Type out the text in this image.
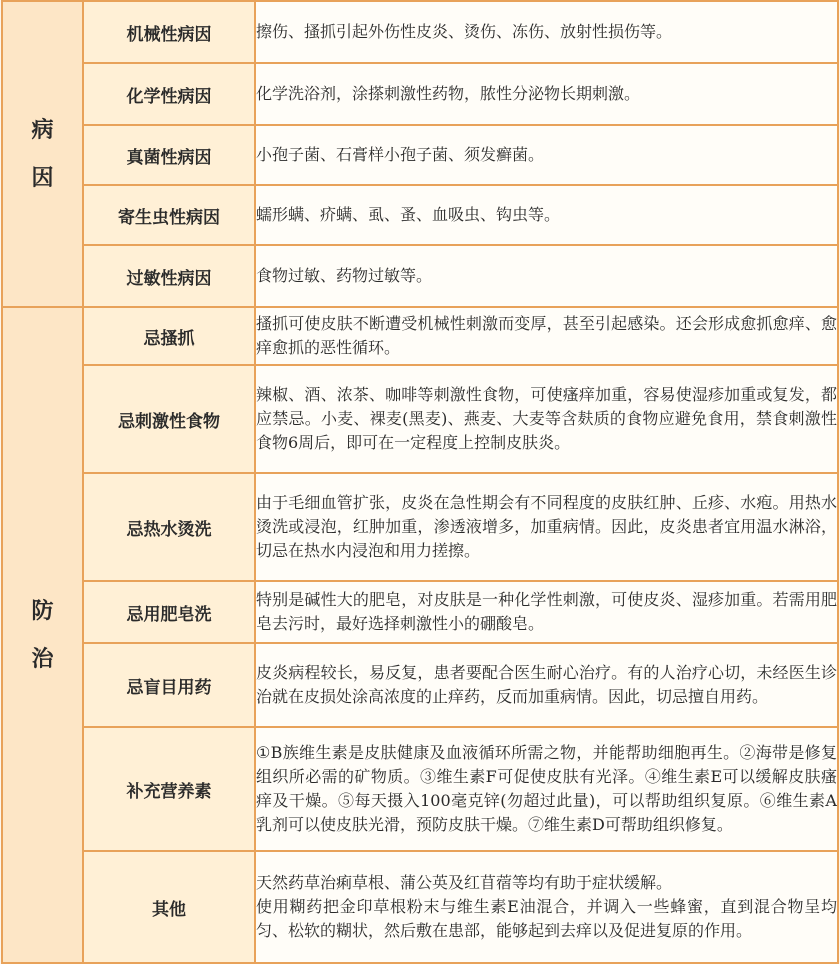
病
因	机械性病因	擦伤、搔抓引起外伤性皮炎、烫伤、冻伤、放射性损伤等。
	化学性病因	化学洗浴剂，涂搽刺激性药物，脓性分泌物长期刺激。
	真菌性病因	小孢子菌、石膏样小孢子菌、须发癣菌。
	寄生虫性病因	蠕形螨、疥螨、虱、蚤、血吸虫、钩虫等。
	过敏性病因	食物过敏、药物过敏等。

防
治	忌搔抓	搔抓可使皮肤不断遭受机械性刺激而变厚，甚至引起感染。还会形成愈抓愈痒、愈痒愈抓的恶性循环。
	忌刺激性食物	辣椒、酒、浓茶、咖啡等刺激性食物，可使瘙痒加重，容易使湿疹加重或复发，都应禁忌。小麦、裸麦(黑麦)、燕麦、大麦等含麸质的食物应避免食用，禁食刺激性食物6周后，即可在一定程度上控制皮肤炎。
	忌热水烫洗	由于毛细血管扩张，皮炎在急性期会有不同程度的皮肤红肿、丘疹、水疱。用热水烫洗或浸泡，红肿加重，渗透液增多，加重病情。因此，皮炎患者宜用温水淋浴，切忌在热水内浸泡和用力搓擦。
	忌用肥皂洗	特别是碱性大的肥皂，对皮肤是一种化学性刺激，可使皮炎、湿疹加重。若需用肥皂去污时，最好选择刺激性小的硼酸皂。
	忌盲目用药	皮炎病程较长，易反复，患者要配合医生耐心治疗。有的人治疗心切，未经医生诊治就在皮损处涂高浓度的止痒药，反而加重病情。因此，切忌擅自用药。
	补充营养素	①B族维生素是皮肤健康及血液循环所需之物，并能帮助细胞再生。②海带是修复组织所必需的矿物质。③维生素F可促使皮肤有光泽。④维生素E可以缓解皮肤瘙痒及干燥。⑤每天摄入100毫克锌(勿超过此量)，可以帮助组织复原。⑥维生素A乳剂可以使皮肤光滑，预防皮肤干燥。⑦维生素D可帮助组织修复。
	其他	天然药草治痢草根、蒲公英及红苜蓿等均有助于症状缓解。

使用糊药把金印草根粉末与维生素E油混合，并调入一些蜂蜜，直到混合物呈均匀、松软的糊状，然后敷在患部，能够起到去痒以及促进复原的作用。
